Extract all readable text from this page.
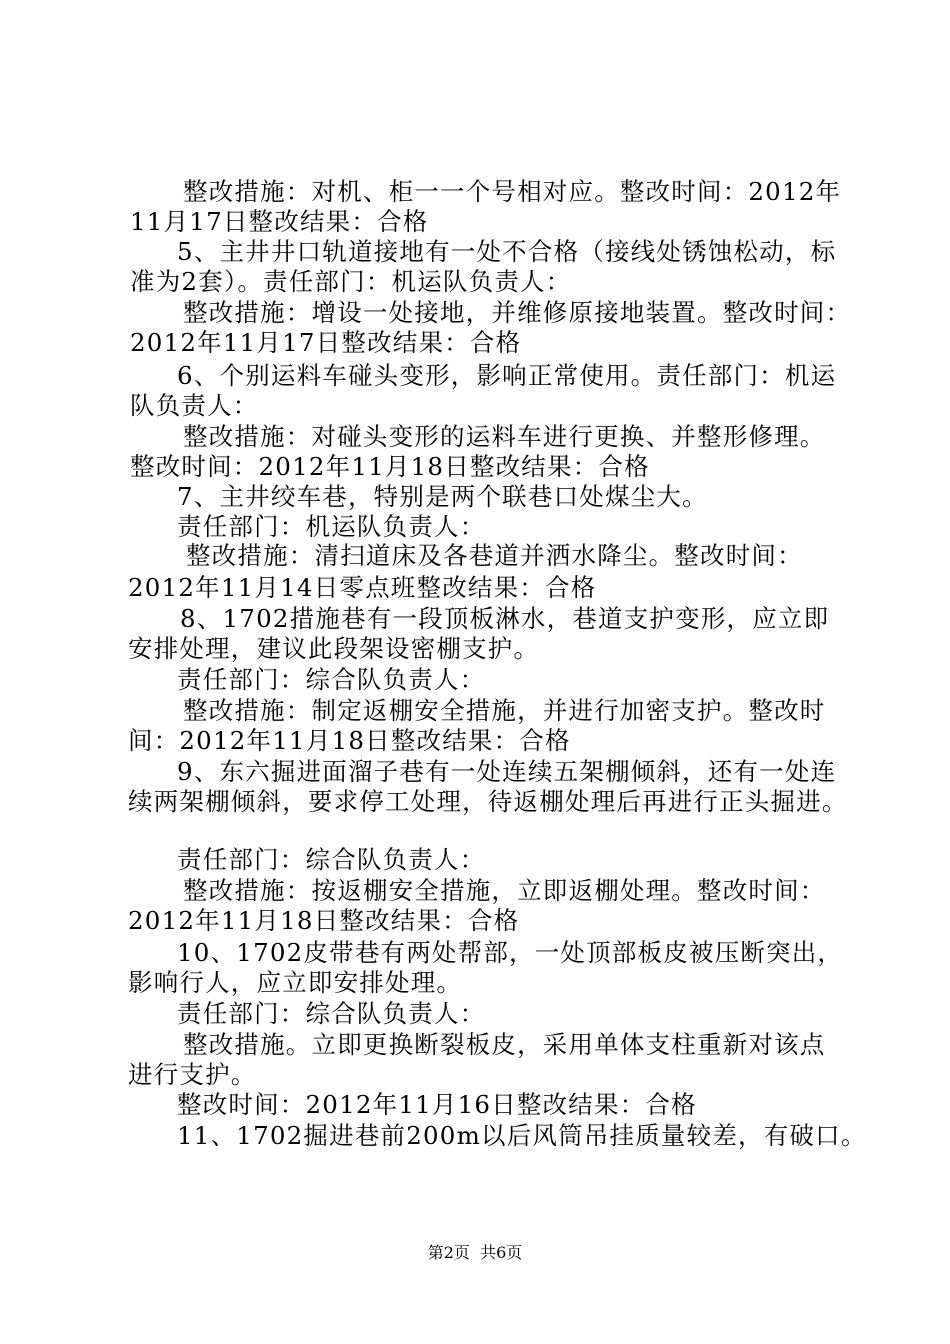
整改措施：对机、柜一一个号相对应。整改时间：2012年
11月17日整改结果：合格
5、主井井口轨道接地有一处不合格（接线处锈蚀松动，标
准为2套）。责任部门：机运队负责人：
整改措施：增设一处接地，并维修原接地装置。整改时间：
2012年11月17日整改结果：合格
6、个别运料车碰头变形，影响正常使用。责任部门：机运
队负责人：
整改措施：对碰头变形的运料车进行更换、并整形修理。
整改时间：2012年11月18日整改结果：合格
7、主井绞车巷，特别是两个联巷口处煤尘大。
责任部门：机运队负责人：
整改措施：清扫道床及各巷道并洒水降尘。整改时间：
2012年11月14日零点班整改结果：合格
8、1702措施巷有一段顶板淋水，巷道支护变形，应立即
安排处理，建议此段架设密棚支护。
责任部门：综合队负责人：
整改措施：制定返棚安全措施，并进行加密支护。整改时
间：2012年11月18日整改结果：合格
9、东六掘进面溜子巷有一处连续五架棚倾斜，还有一处连
续两架棚倾斜，要求停工处理，待返棚处理后再进行正头掘进。
责任部门：综合队负责人：
整改措施：按返棚安全措施，立即返棚处理。整改时间：
2012年11月18日整改结果：合格
10、1702皮带巷有两处帮部，一处顶部板皮被压断突出，
影响行人，应立即安排处理。
责任部门：综合队负责人：
整改措施。立即更换断裂板皮，采用单体支柱重新对该点
进行支护。
整改时间：2012年11月16日整改结果：合格
11、1702掘进巷前200m以后风筒吊挂质量较差，有破口。
第2页  共6页
